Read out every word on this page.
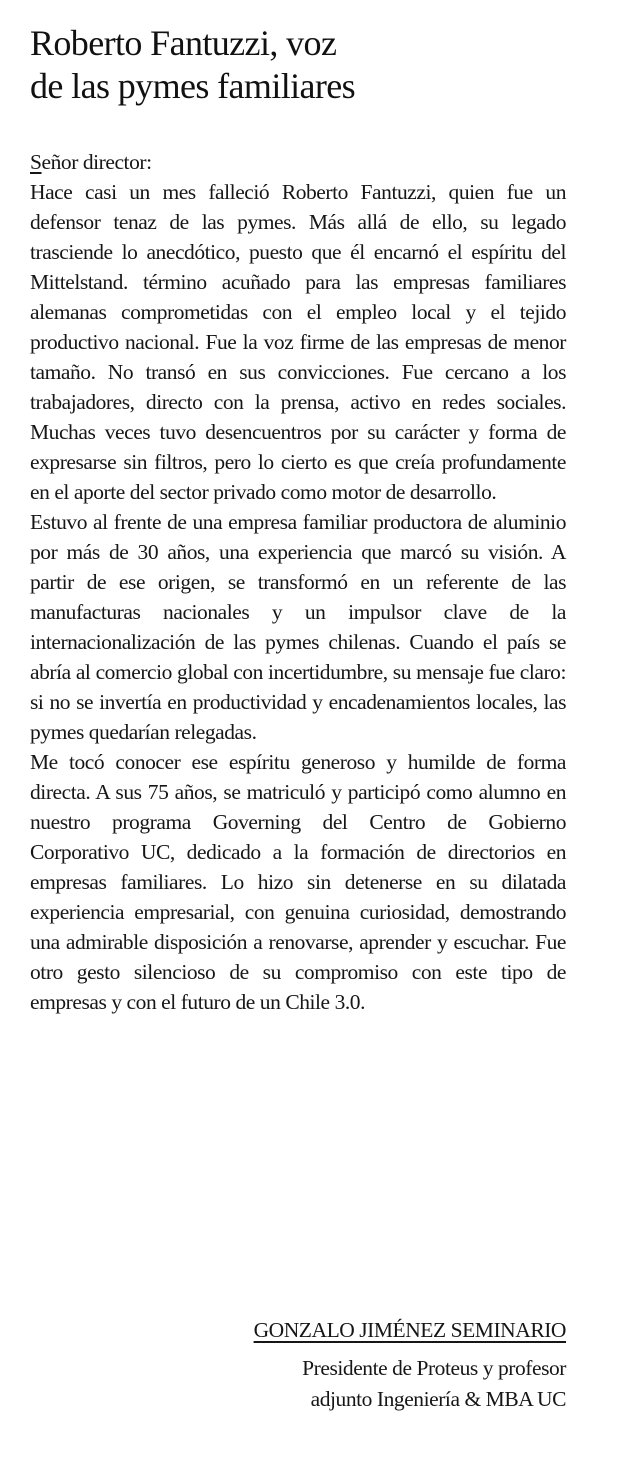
Roberto Fantuzzi, voz
de las pymes familiares

Señor director:

Hace casi un mes falleció Roberto Fantuzzi, quien fue un defensor tenaz de las pymes. Más allá de ello, su legado trasciende lo anecdótico, puesto que él encarnó el espíritu del Mittelstand. término acuñado para las empresas familiares alemanas comprometidas con el empleo local y el tejido productivo nacional. Fue la voz firme de las empresas de menor tamaño. No transó en sus convicciones. Fue cercano a los trabajadores, directo con la prensa, activo en redes sociales. Muchas veces tuvo desencuentros por su carácter y forma de expresarse sin filtros, pero lo cierto es que creía profundamente en el aporte del sector privado como motor de desarrollo.

Estuvo al frente de una empresa familiar productora de aluminio por más de 30 años, una experiencia que marcó su visión. A partir de ese origen, se transformó en un referente de las manufacturas nacionales y un impulsor clave de la internacionalización de las pymes chilenas. Cuando el país se abría al comercio global con incertidumbre, su mensaje fue claro: si no se invertía en productividad y encadenamientos locales, las pymes quedarían relegadas.

Me tocó conocer ese espíritu generoso y humilde de forma directa. A sus 75 años, se matriculó y participó como alumno en nuestro programa Governing del Centro de Gobierno Corporativo UC, dedicado a la formación de directorios en empresas familiares. Lo hizo sin detenerse en su dilatada experiencia empresarial, con genuina curiosidad, demostrando una admirable disposición a renovarse, aprender y escuchar. Fue otro gesto silencioso de su compromiso con este tipo de empresas y con el futuro de un Chile 3.0.

GONZALO JIMÉNEZ SEMINARIO
Presidente de Proteus y profesor
adjunto Ingeniería & MBA UC
